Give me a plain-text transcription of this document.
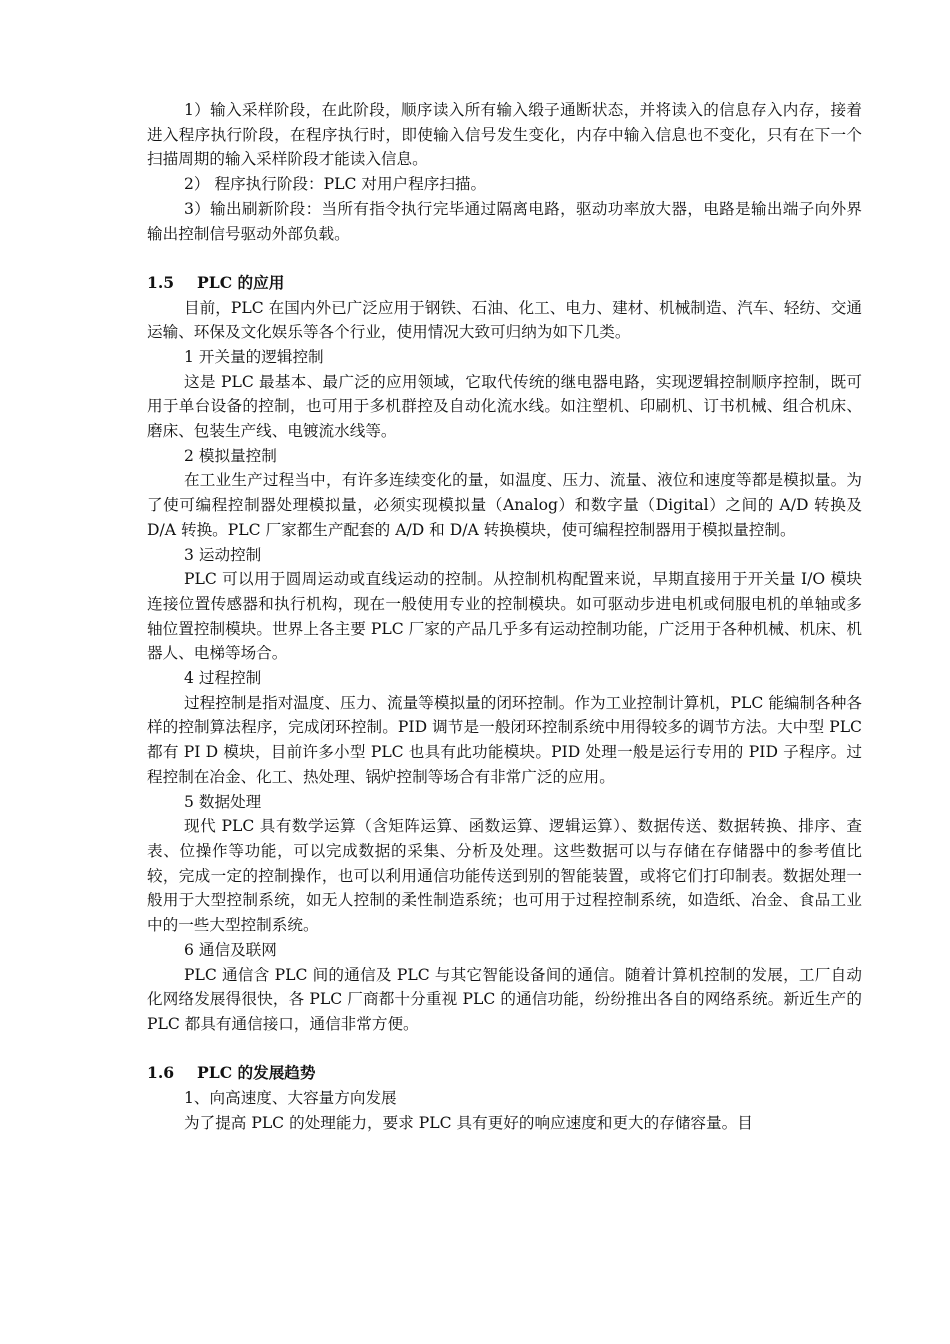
1）输入采样阶段，在此阶段，顺序读入所有输入缎子通断状态，并将读入的信息存入内存，接着进入程序执行阶段，在程序执行时，即使输入信号发生变化，内存中输入信息也不变化，只有在下一个扫描周期的输入采样阶段才能读入信息。

2） 程序执行阶段：PLC 对用户程序扫描。

3）输出刷新阶段：当所有指令执行完毕通过隔离电路，驱动功率放大器，电路是输出端子向外界输出控制信号驱动外部负载。

1.5 PLC 的应用

目前，PLC 在国内外已广泛应用于钢铁、石油、化工、电力、建材、机械制造、汽车、轻纺、交通运输、环保及文化娱乐等各个行业，使用情况大致可归纳为如下几类。

1 开关量的逻辑控制

这是 PLC 最基本、最广泛的应用领域，它取代传统的继电器电路，实现逻辑控制顺序控制，既可用于单台设备的控制，也可用于多机群控及自动化流水线。如注塑机、印刷机、订书机械、组合机床、磨床、包装生产线、电镀流水线等。

2 模拟量控制

在工业生产过程当中，有许多连续变化的量，如温度、压力、流量、液位和速度等都是模拟量。为了使可编程控制器处理模拟量，必须实现模拟量（Analog）和数字量（Digital）之间的 A/D 转换及 D/A 转换。PLC 厂家都生产配套的 A/D 和 D/A 转换模块，使可编程控制器用于模拟量控制。

3 运动控制

PLC 可以用于圆周运动或直线运动的控制。从控制机构配置来说，早期直接用于开关量 I/O 模块连接位置传感器和执行机构，现在一般使用专业的控制模块。如可驱动步进电机或伺服电机的单轴或多轴位置控制模块。世界上各主要 PLC 厂家的产品几乎多有运动控制功能，广泛用于各种机械、机床、机器人、电梯等场合。

4 过程控制

过程控制是指对温度、压力、流量等模拟量的闭环控制。作为工业控制计算机，PLC 能编制各种各样的控制算法程序，完成闭环控制。PID 调节是一般闭环控制系统中用得较多的调节方法。大中型 PLC 都有 PI D 模块，目前许多小型 PLC 也具有此功能模块。PID 处理一般是运行专用的 PID 子程序。过程控制在冶金、化工、热处理、锅炉控制等场合有非常广泛的应用。

5 数据处理

现代 PLC 具有数学运算（含矩阵运算、函数运算、逻辑运算）、数据传送、数据转换、排序、查表、位操作等功能，可以完成数据的采集、分析及处理。这些数据可以与存储在存储器中的参考值比较，完成一定的控制操作，也可以利用通信功能传送到别的智能装置，或将它们打印制表。数据处理一般用于大型控制系统，如无人控制的柔性制造系统；也可用于过程控制系统，如造纸、冶金、食品工业中的一些大型控制系统。

6 通信及联网

PLC 通信含 PLC 间的通信及 PLC 与其它智能设备间的通信。随着计算机控制的发展，工厂自动化网络发展得很快，各 PLC 厂商都十分重视 PLC 的通信功能，纷纷推出各自的网络系统。新近生产的 PLC 都具有通信接口，通信非常方便。

1.6 PLC 的发展趋势

1、向高速度、大容量方向发展

为了提高 PLC 的处理能力，要求 PLC 具有更好的响应速度和更大的存储容量。目
